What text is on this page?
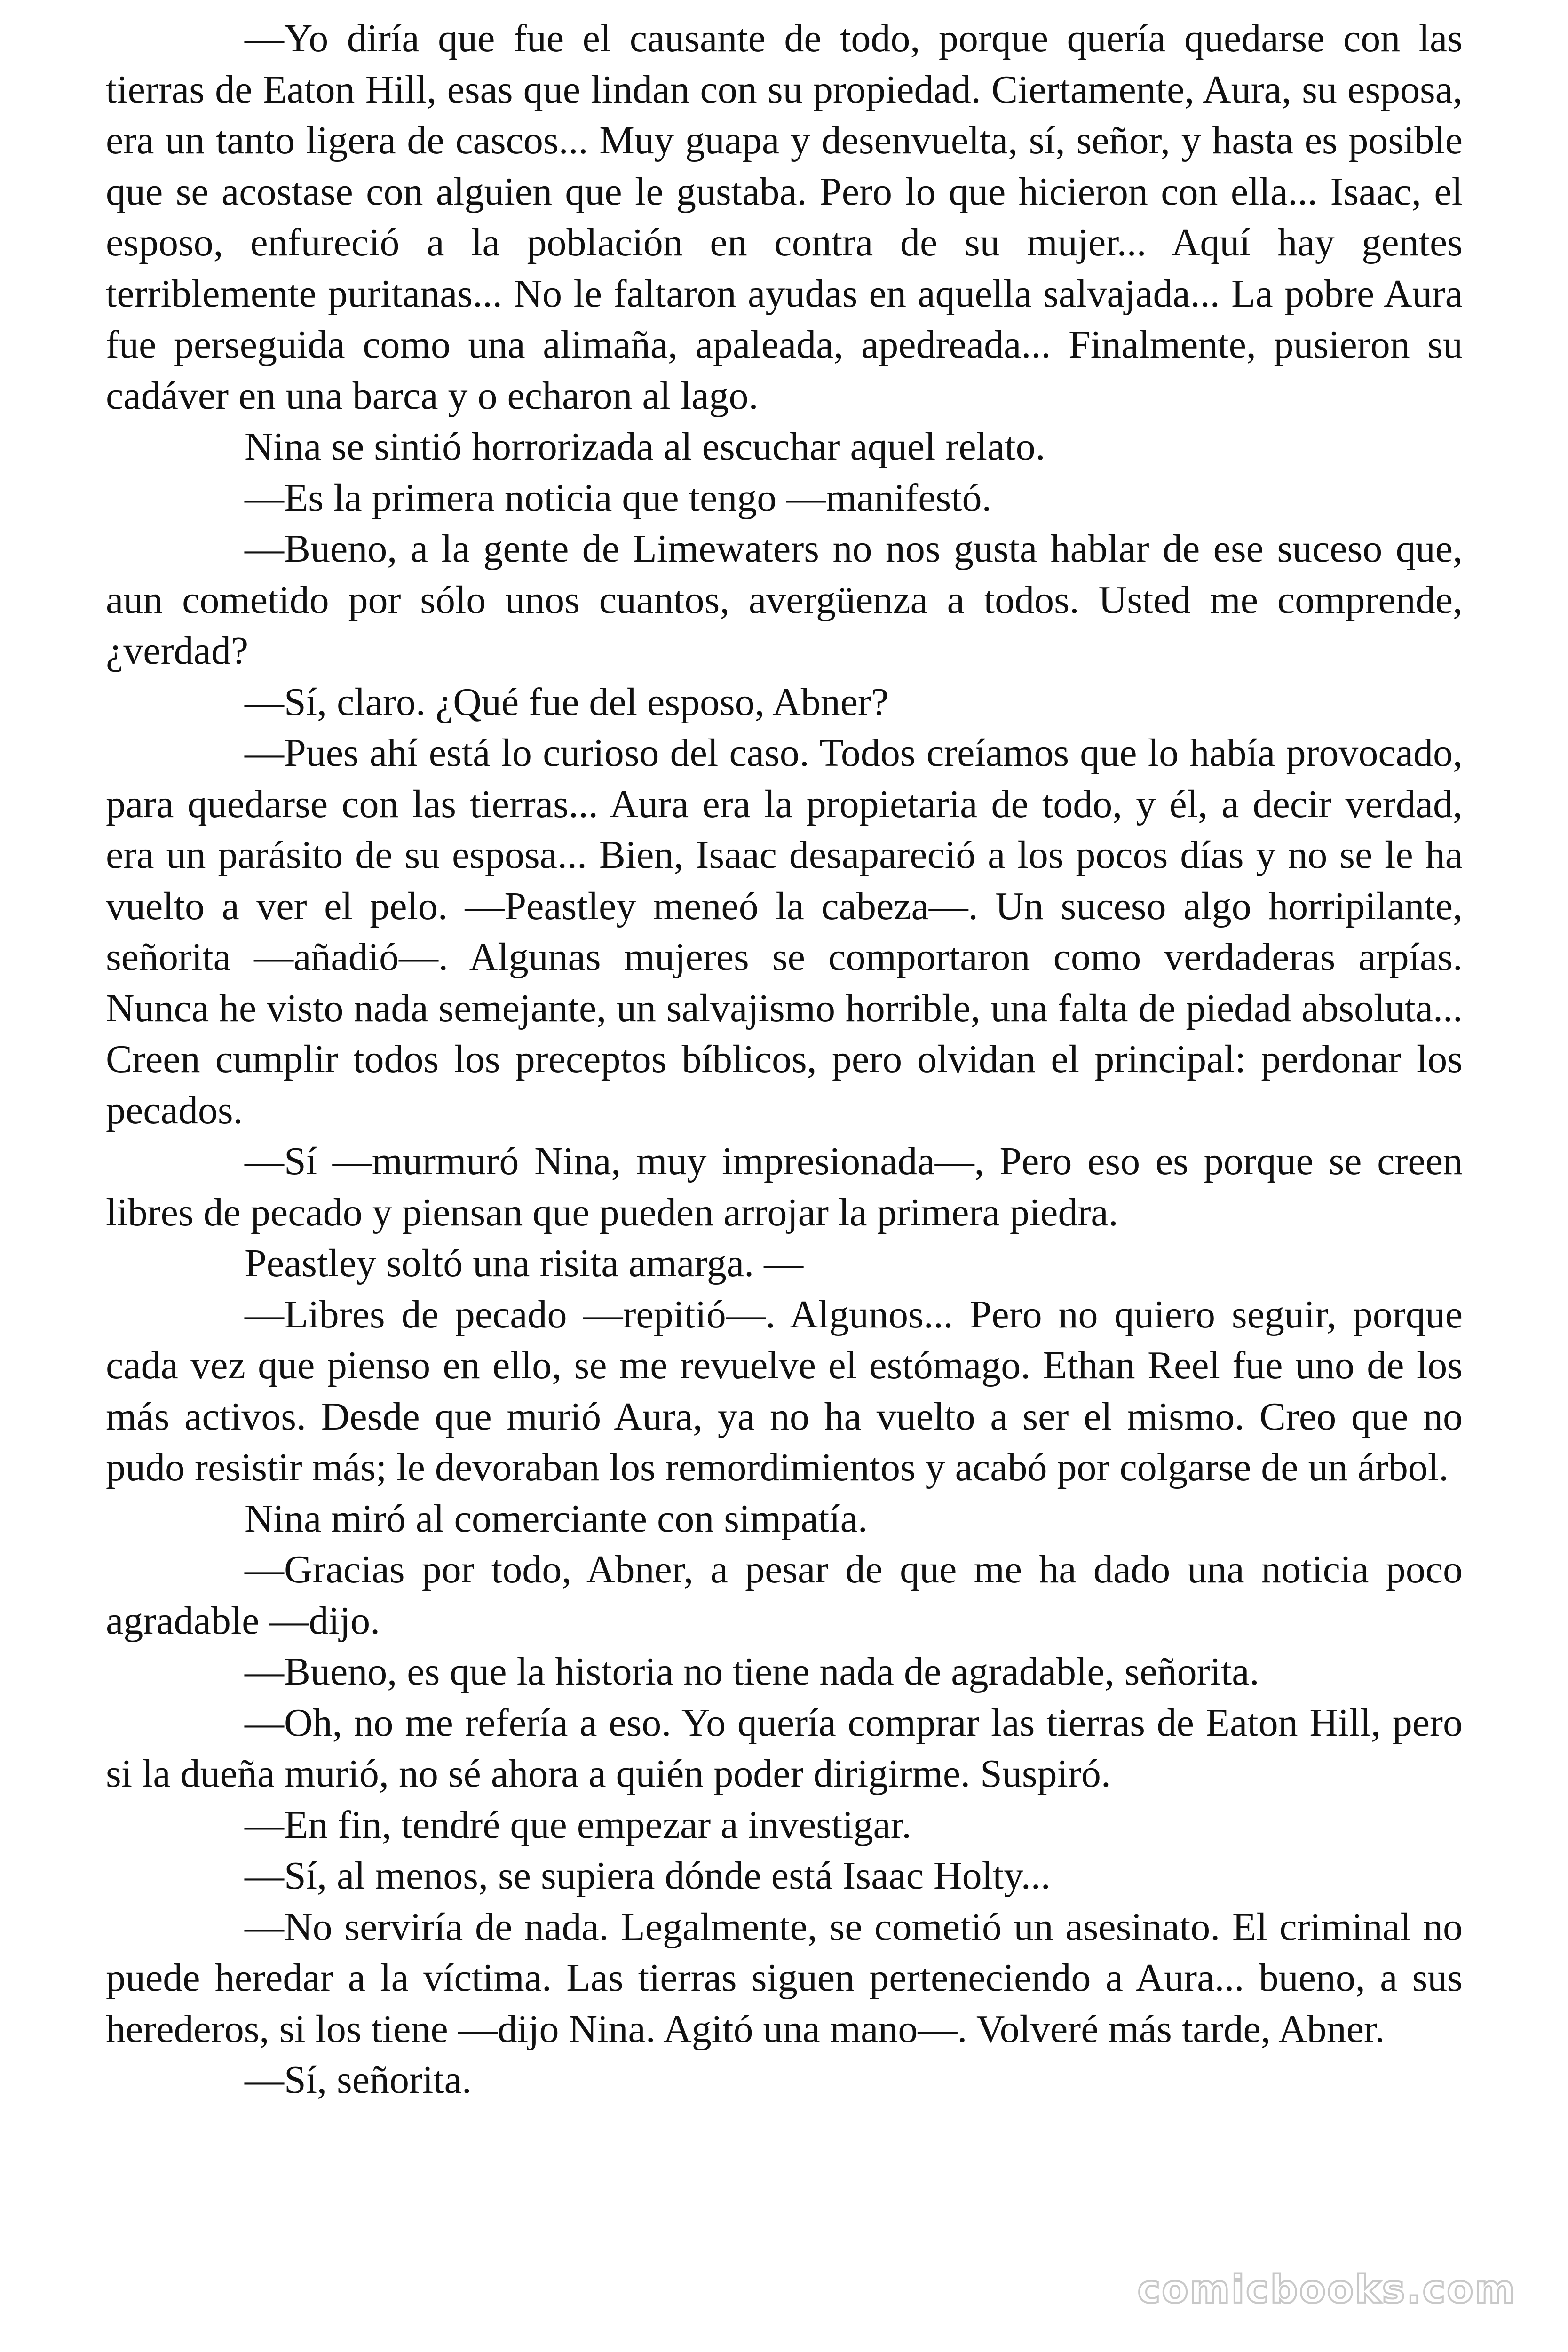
—Yo diría que fue el causante de todo, porque quería quedarse con las tierras de Eaton Hill, esas que lindan con su propiedad. Ciertamente, Aura, su esposa, era un tanto ligera de cascos... Muy guapa y desenvuelta, sí, señor, y hasta es posible que se acostase con alguien que le gustaba. Pero lo que hicieron con ella... Isaac, el esposo, enfureció a la población en contra de su mujer... Aquí hay gentes terriblemente puritanas... No le faltaron ayudas en aquella salvajada... La pobre Aura fue perseguida como una alimaña, apaleada, apedreada... Finalmente, pusieron su cadáver en una barca y o echaron al lago.

Nina se sintió horrorizada al escuchar aquel relato.

—Es la primera noticia que tengo —manifestó.

—Bueno, a la gente de Limewaters no nos gusta hablar de ese suceso que, aun cometido por sólo unos cuantos, avergüenza a todos. Usted me comprende, ¿verdad?

—Sí, claro. ¿Qué fue del esposo, Abner?

—Pues ahí está lo curioso del caso. Todos creíamos que lo había provocado, para quedarse con las tierras... Aura era la propietaria de todo, y él, a decir verdad, era un parásito de su esposa... Bien, Isaac desapareció a los pocos días y no se le ha vuelto a ver el pelo. —Peastley meneó la cabeza—. Un suceso algo horripilante, señorita —añadió—. Algunas mujeres se comportaron como verdaderas arpías. Nunca he visto nada semejante, un salvajismo horrible, una falta de piedad absoluta... Creen cumplir todos los preceptos bíblicos, pero olvidan el principal: perdonar los pecados.

—Sí —murmuró Nina, muy impresionada—, Pero eso es porque se creen libres de pecado y piensan que pueden arrojar la primera piedra.

Peastley soltó una risita amarga. —

—Libres de pecado —repitió—. Algunos... Pero no quiero seguir, porque cada vez que pienso en ello, se me revuelve el estómago. Ethan Reel fue uno de los más activos. Desde que murió Aura, ya no ha vuelto a ser el mismo. Creo que no pudo resistir más; le devoraban los remordimientos y acabó por colgarse de un árbol.

Nina miró al comerciante con simpatía.

—Gracias por todo, Abner, a pesar de que me ha dado una noticia poco agradable —dijo.

—Bueno, es que la historia no tiene nada de agradable, señorita.

—Oh, no me refería a eso. Yo quería comprar las tierras de Eaton Hill, pero si la dueña murió, no sé ahora a quién poder dirigirme. Suspiró.

—En fin, tendré que empezar a investigar.

—Sí, al menos, se supiera dónde está Isaac Holty...

—No serviría de nada. Legalmente, se cometió un asesinato. El criminal no puede heredar a la víctima. Las tierras siguen perteneciendo a Aura... bueno, a sus herederos, si los tiene —dijo Nina. Agitó una mano—. Volveré más tarde, Abner.

—Sí, señorita.

comicbooks.com
